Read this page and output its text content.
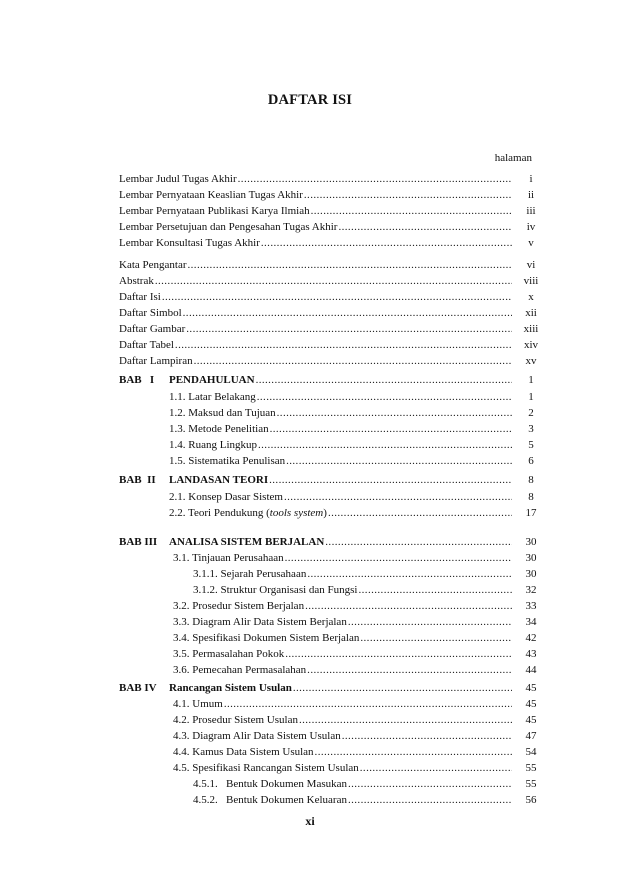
DAFTAR ISI
halaman
Lembar Judul Tugas Akhir .....	i
Lembar Pernyataan Keaslian Tugas Akhir .....	ii
Lembar Pernyataan Publikasi Karya Ilmiah .....	iii
Lembar Persetujuan dan Pengesahan Tugas Akhir .....	iv
Lembar Konsultasi Tugas Akhir .....	v
Kata Pengantar .....	vi
Abstrak .....	viii
Daftar Isi .....	x
Daftar Simbol .....	xii
Daftar Gambar .....	xiii
Daftar Tabel .....	xiv
Daftar Lampiran .....	xv
BAB   I	PENDAHULUAN .....	1
1.1. Latar Belakang .....	1
1.2. Maksud dan Tujuan .....	2
1.3. Metode Penelitian .....	3
1.4. Ruang Lingkup .....	5
1.5. Sistematika Penulisan .....	6
BAB  II	LANDASAN TEORI .....	8
2.1. Konsep Dasar Sistem .....	8
2.2. Teori Pendukung (tools system) .....	17
BAB III	ANALISA SISTEM BERJALAN .....	30
3.1. Tinjauan Perusahaan .....	30
3.1.1. Sejarah Perusahaan .....	30
3.1.2. Struktur Organisasi dan Fungsi .....	32
3.2. Prosedur Sistem Berjalan .....	33
3.3. Diagram Alir Data Sistem Berjalan .....	34
3.4. Spesifikasi Dokumen Sistem Berjalan .....	42
3.5. Permasalahan Pokok .....	43
3.6. Pemecahan Permasalahan .....	44
BAB IV	Rancangan Sistem Usulan .....	45
4.1. Umum .....	45
4.2. Prosedur Sistem Usulan .....	45
4.3. Diagram Alir Data Sistem Usulan .....	47
4.4. Kamus Data Sistem Usulan .....	54
4.5. Spesifikasi Rancangan Sistem Usulan .....	55
4.5.1.   Bentuk Dokumen Masukan .....	55
4.5.2.   Bentuk Dokumen Keluaran .....	56
xi
